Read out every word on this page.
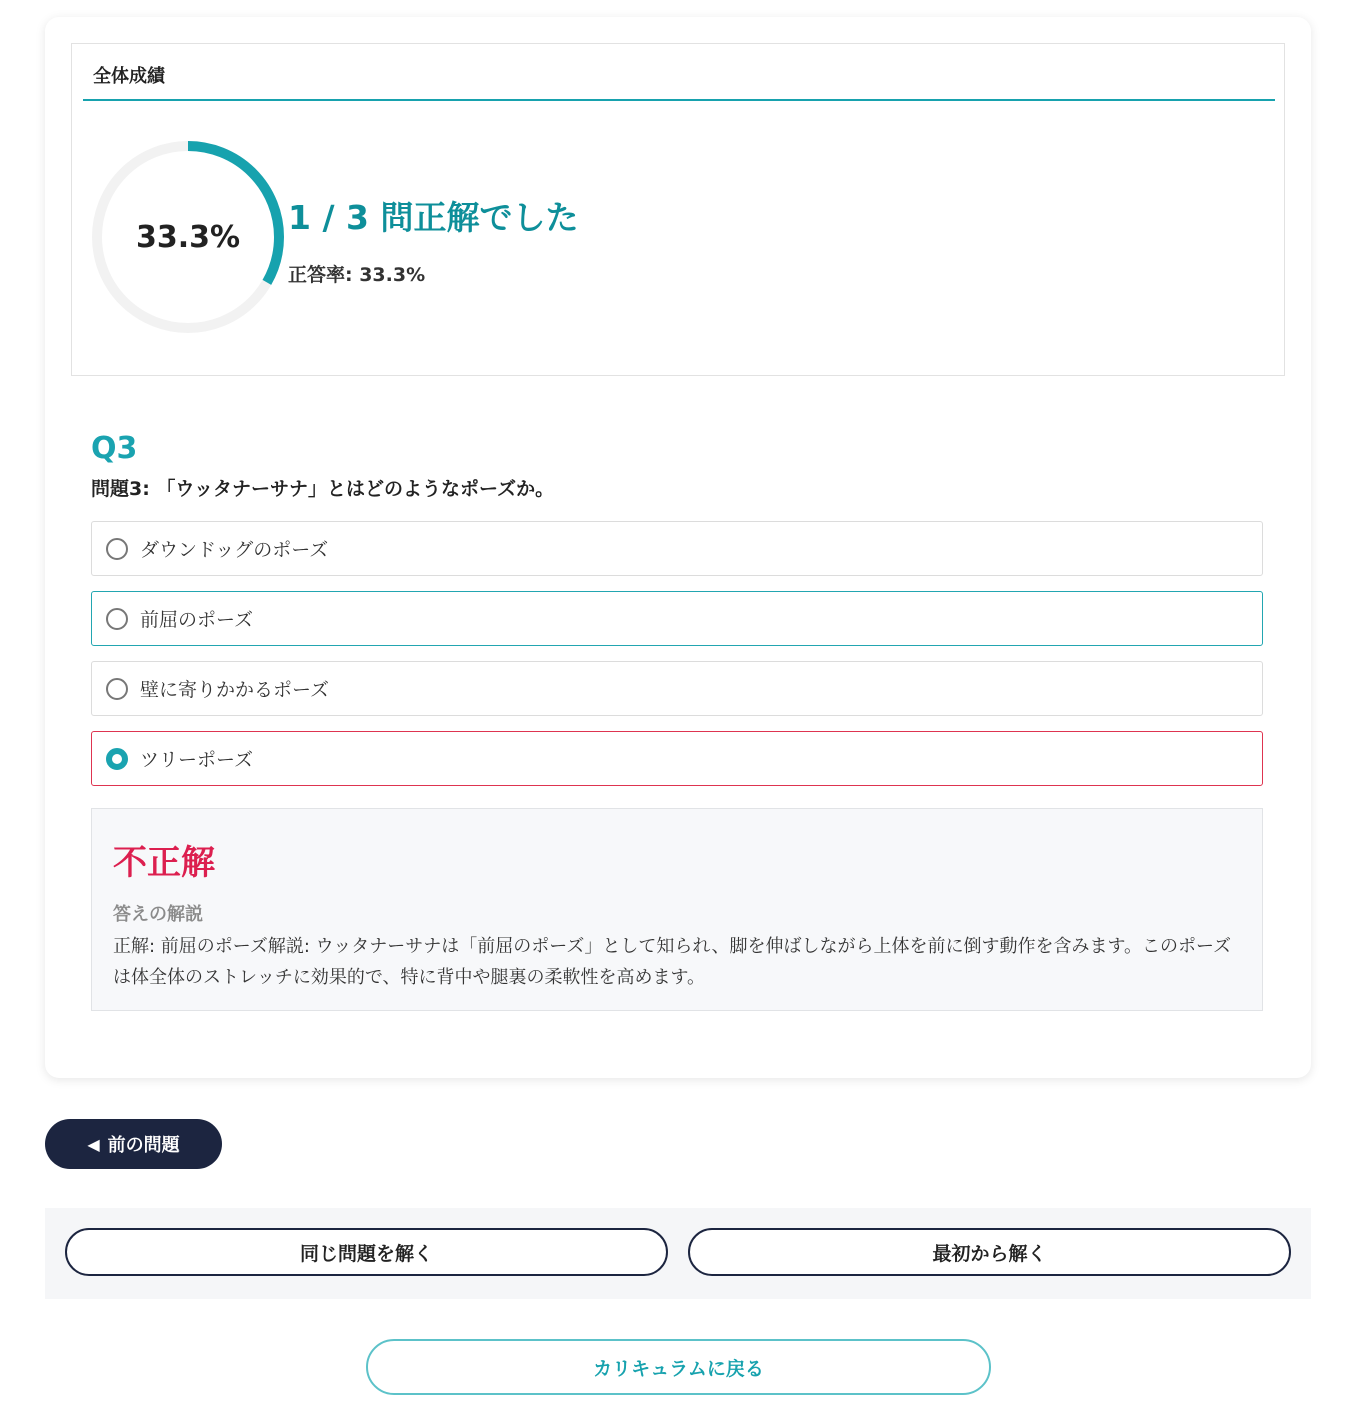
全体成績
33.3%	1 / 3 問正解でした
正答率: 33.3%
Q3
問題3: 「ウッタナーサナ」とはどのようなポーズか。
ダウンドッグのポーズ
前屈のポーズ
壁に寄りかかるポーズ
ツリーポーズ
不正解
答えの解説
正解: 前屈のポーズ解説: ウッタナーサナは「前屈のポーズ」として知られ、脚を伸ばしながら上体を前に倒す動作を含みます。このポーズは体全体のストレッチに効果的で、特に背中や腿裏の柔軟性を高めます。
◀ 前の問題
同じ問題を解く	最初から解く
カリキュラムに戻る
